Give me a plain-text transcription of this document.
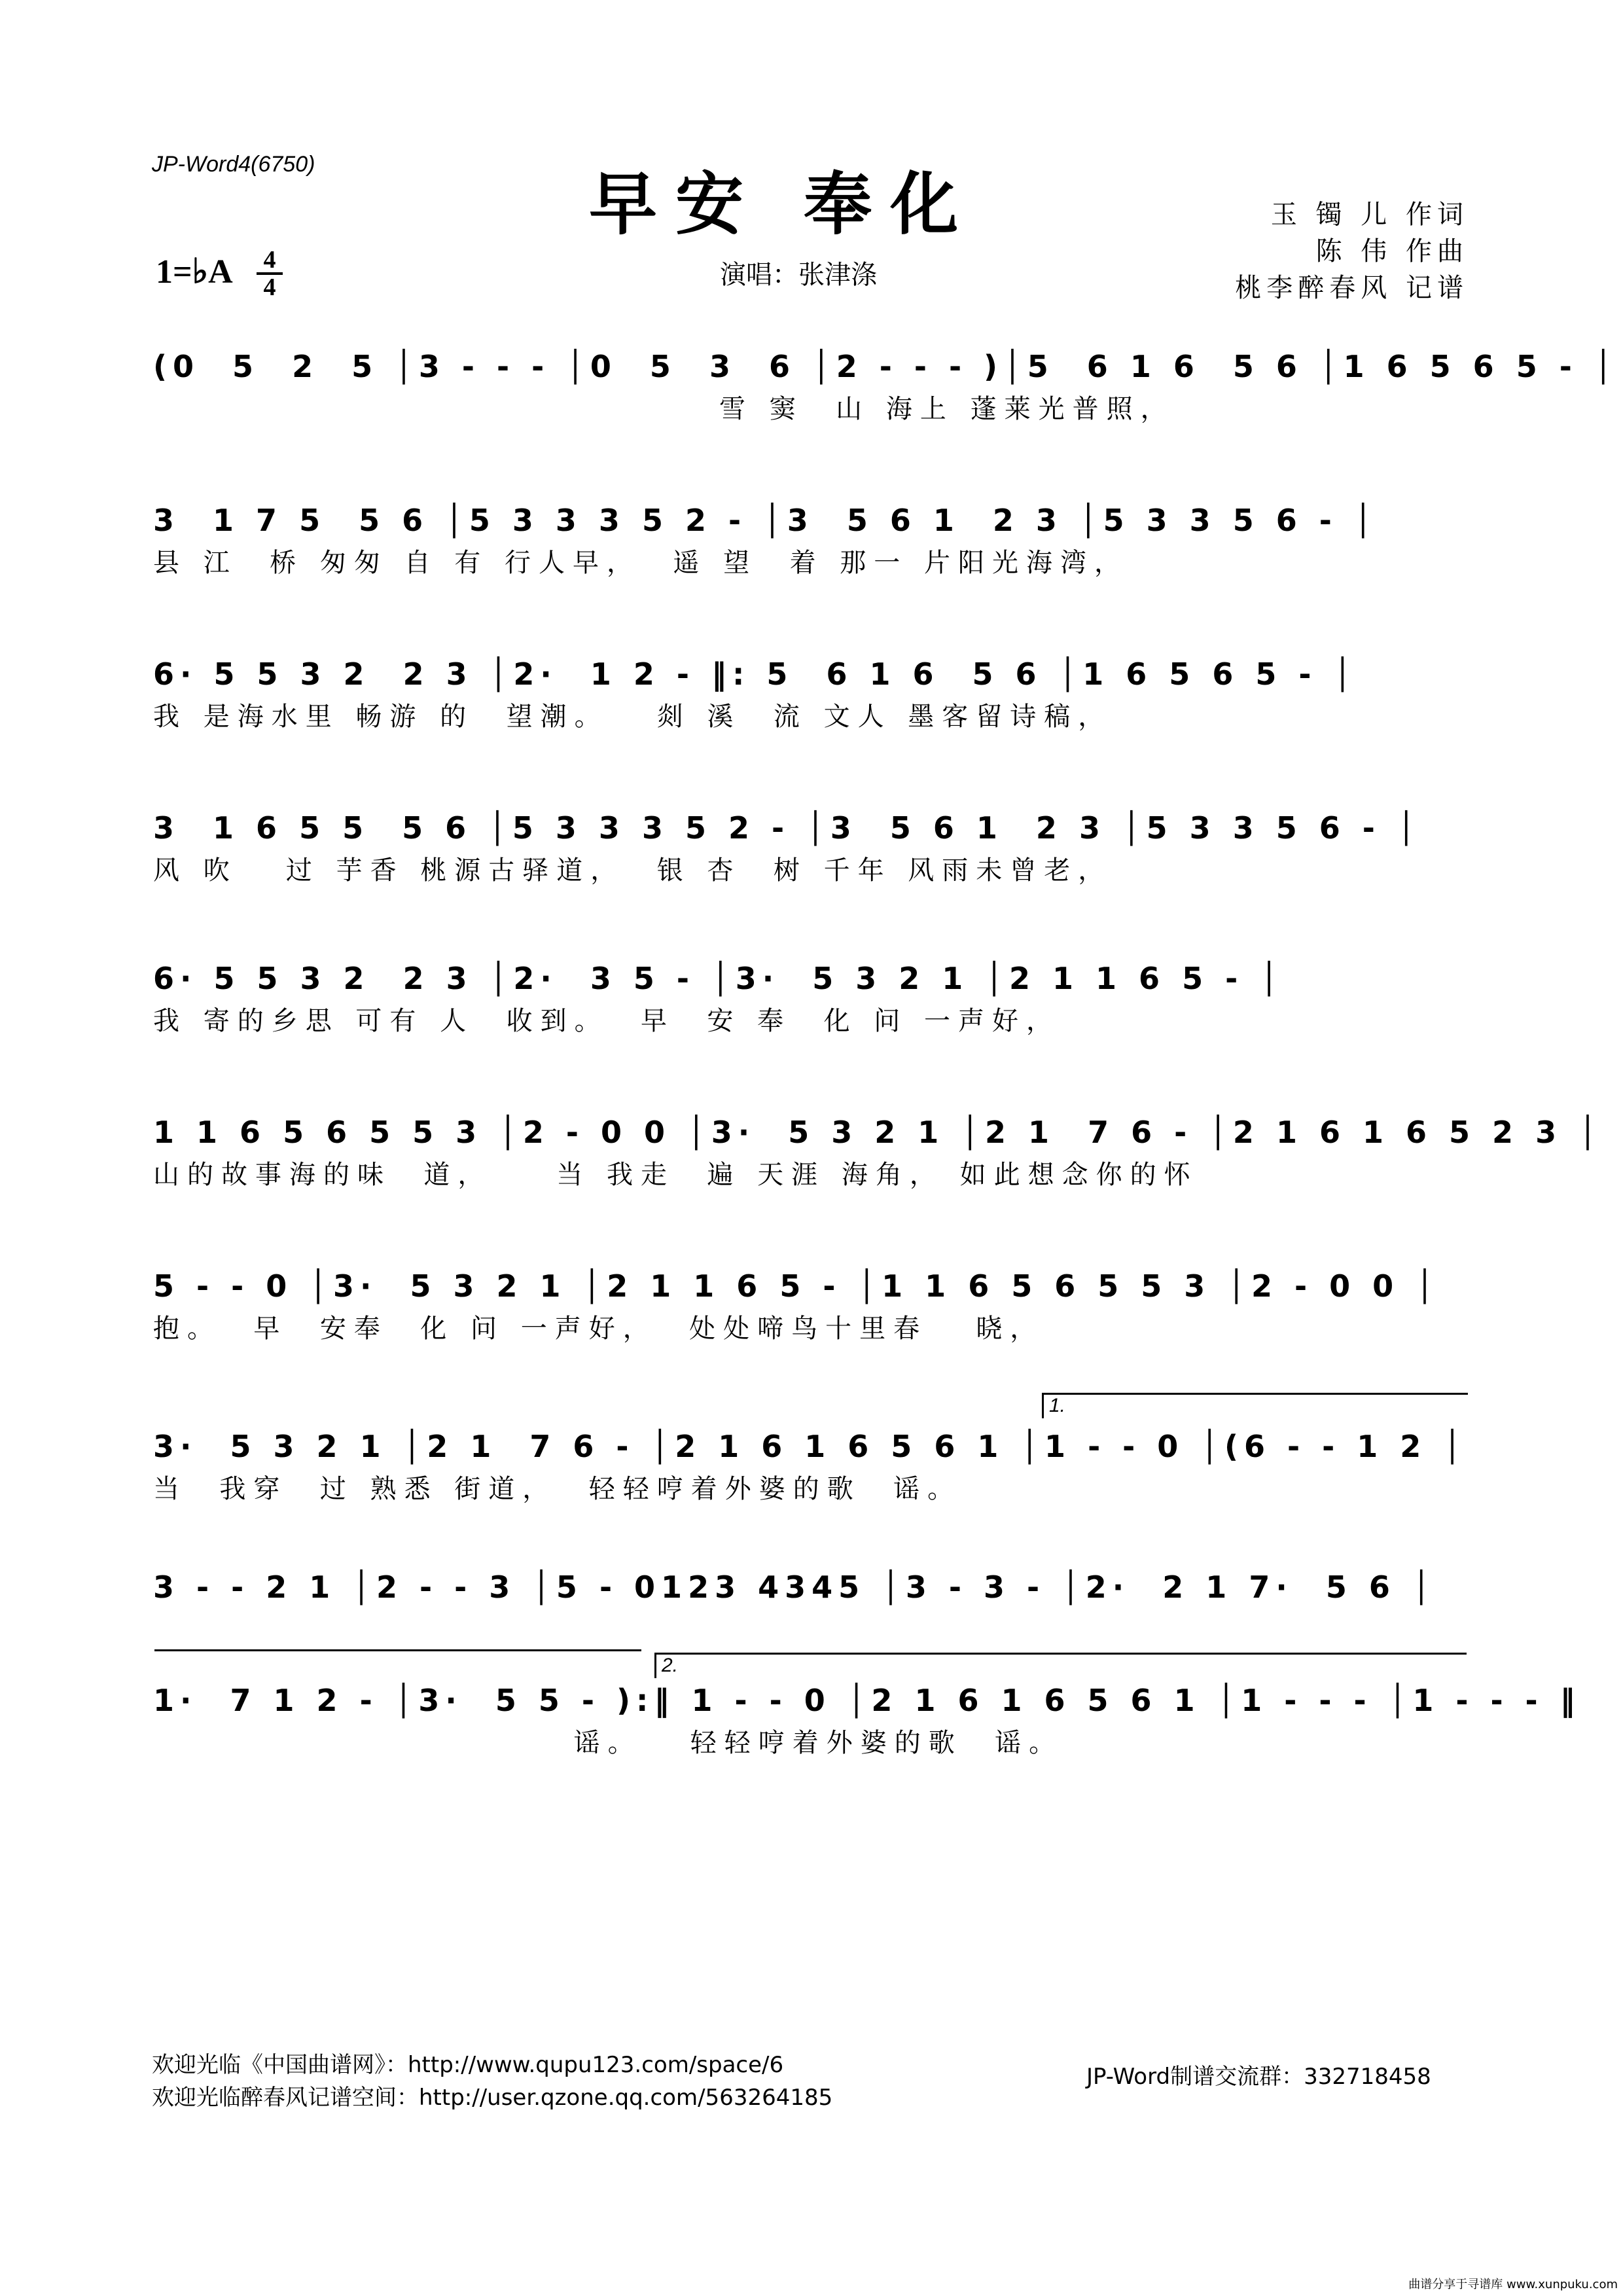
JP-Word4(6750)	早安 奉化
1=♭A 4
4	演唱：张津涤
玉 镯 儿 作词
陈 伟 作曲
桃李醉春风 记谱
(0  5  2  5 │3 - - - │0  5  3  6 │2 - - - )│5  6 1 6  5 6 │1 6 5 6 5 - │
雪 窦  山 海上 蓬莱光普照，
3  1 7 5  5 6 │5 3 3 3 5 2 - │3  5 6 1  2 3 │5 3 3 5 6 - │
县 江  桥 匆匆 自 有 行人早，  遥 望  着 那一 片阳光海湾，
6· 5 5 3 2  2 3 │2·  1 2 - ‖: 5  6 1 6  5 6 │1 6 5 6 5 - │
我 是海水里 畅游 的  望潮。   剡 溪  流 文人 墨客留诗稿，
3  1 6 5 5  5 6 │5 3 3 3 5 2 - │3  5 6 1  2 3 │5 3 3 5 6 - │
风 吹   过 芋香 桃源古驿道，  银 杏  树 千年 风雨未曾老，
6· 5 5 3 2  2 3 │2·  3 5 - │3·  5 3 2 1 │2 1 1 6 5 - │
我 寄的乡思 可有 人  收到。  早  安 奉  化 问 一声好，
1 1 6 5 6 5 5 3 │2 - 0 0 │3·  5 3 2 1 │2 1  7 6 - │2 1 6 1 6 5 2 3 │
山的故事海的味  道，    当 我走  遍 天涯 海角， 如此想念你的怀
5 - - 0 │3·  5 3 2 1 │2 1 1 6 5 - │1 1 6 5 6 5 5 3 │2 - 0 0 │
抱。  早  安奉  化 问 一声好，  处处啼鸟十里春   晓，
1.
3·  5 3 2 1 │2 1  7 6 - │2 1 6 1 6 5 6 1 │1 - - 0 │(6 - - 1 2 │
当  我穿  过 熟悉 街道，  轻轻哼着外婆的歌  谣。
3 - - 2 1 │2 - - 3 │5 - 0123 4345 │3 - 3 - │2·  2 1 7·  5 6 │
2.
1·  7 1 2 - │3·  5 5 - ):‖ 1 - - 0 │2 1 6 1 6 5 6 1 │1 - - - │1 - - - ‖
谣。   轻轻哼着外婆的歌  谣。
欢迎光临《中国曲谱网》：http://www.qupu123.com/space/6
欢迎光临醉春风记谱空间：http://user.qzone.qq.com/563264185
JP-Word制谱交流群：332718458
曲谱分享于寻谱库 www.xunpuku.com
